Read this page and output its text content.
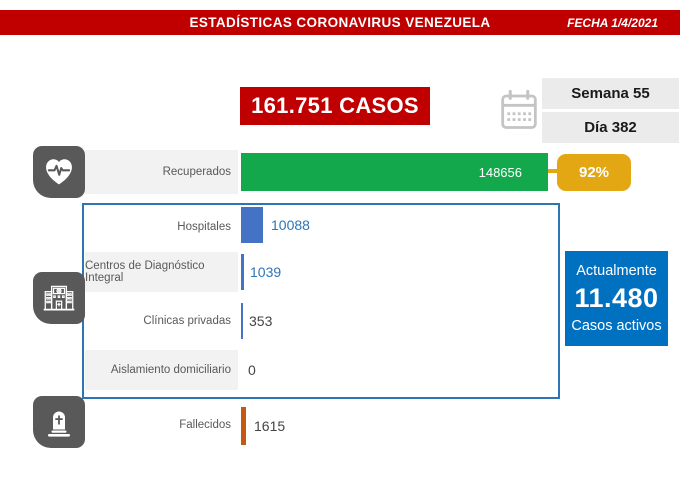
ESTADÍSTICAS CORONAVIRUS VENEZUELA	FECHA 1/4/2021
161.751 CASOS	Semana 55
Día 382
Recuperados	148656	92%
Hospitales	10088
Centros de Diagnóstico Integral	1039
Clínicas privadas	353
Aislamiento domiciliario	0
Fallecidos	1615
Actualmente
11.480
Casos activos
